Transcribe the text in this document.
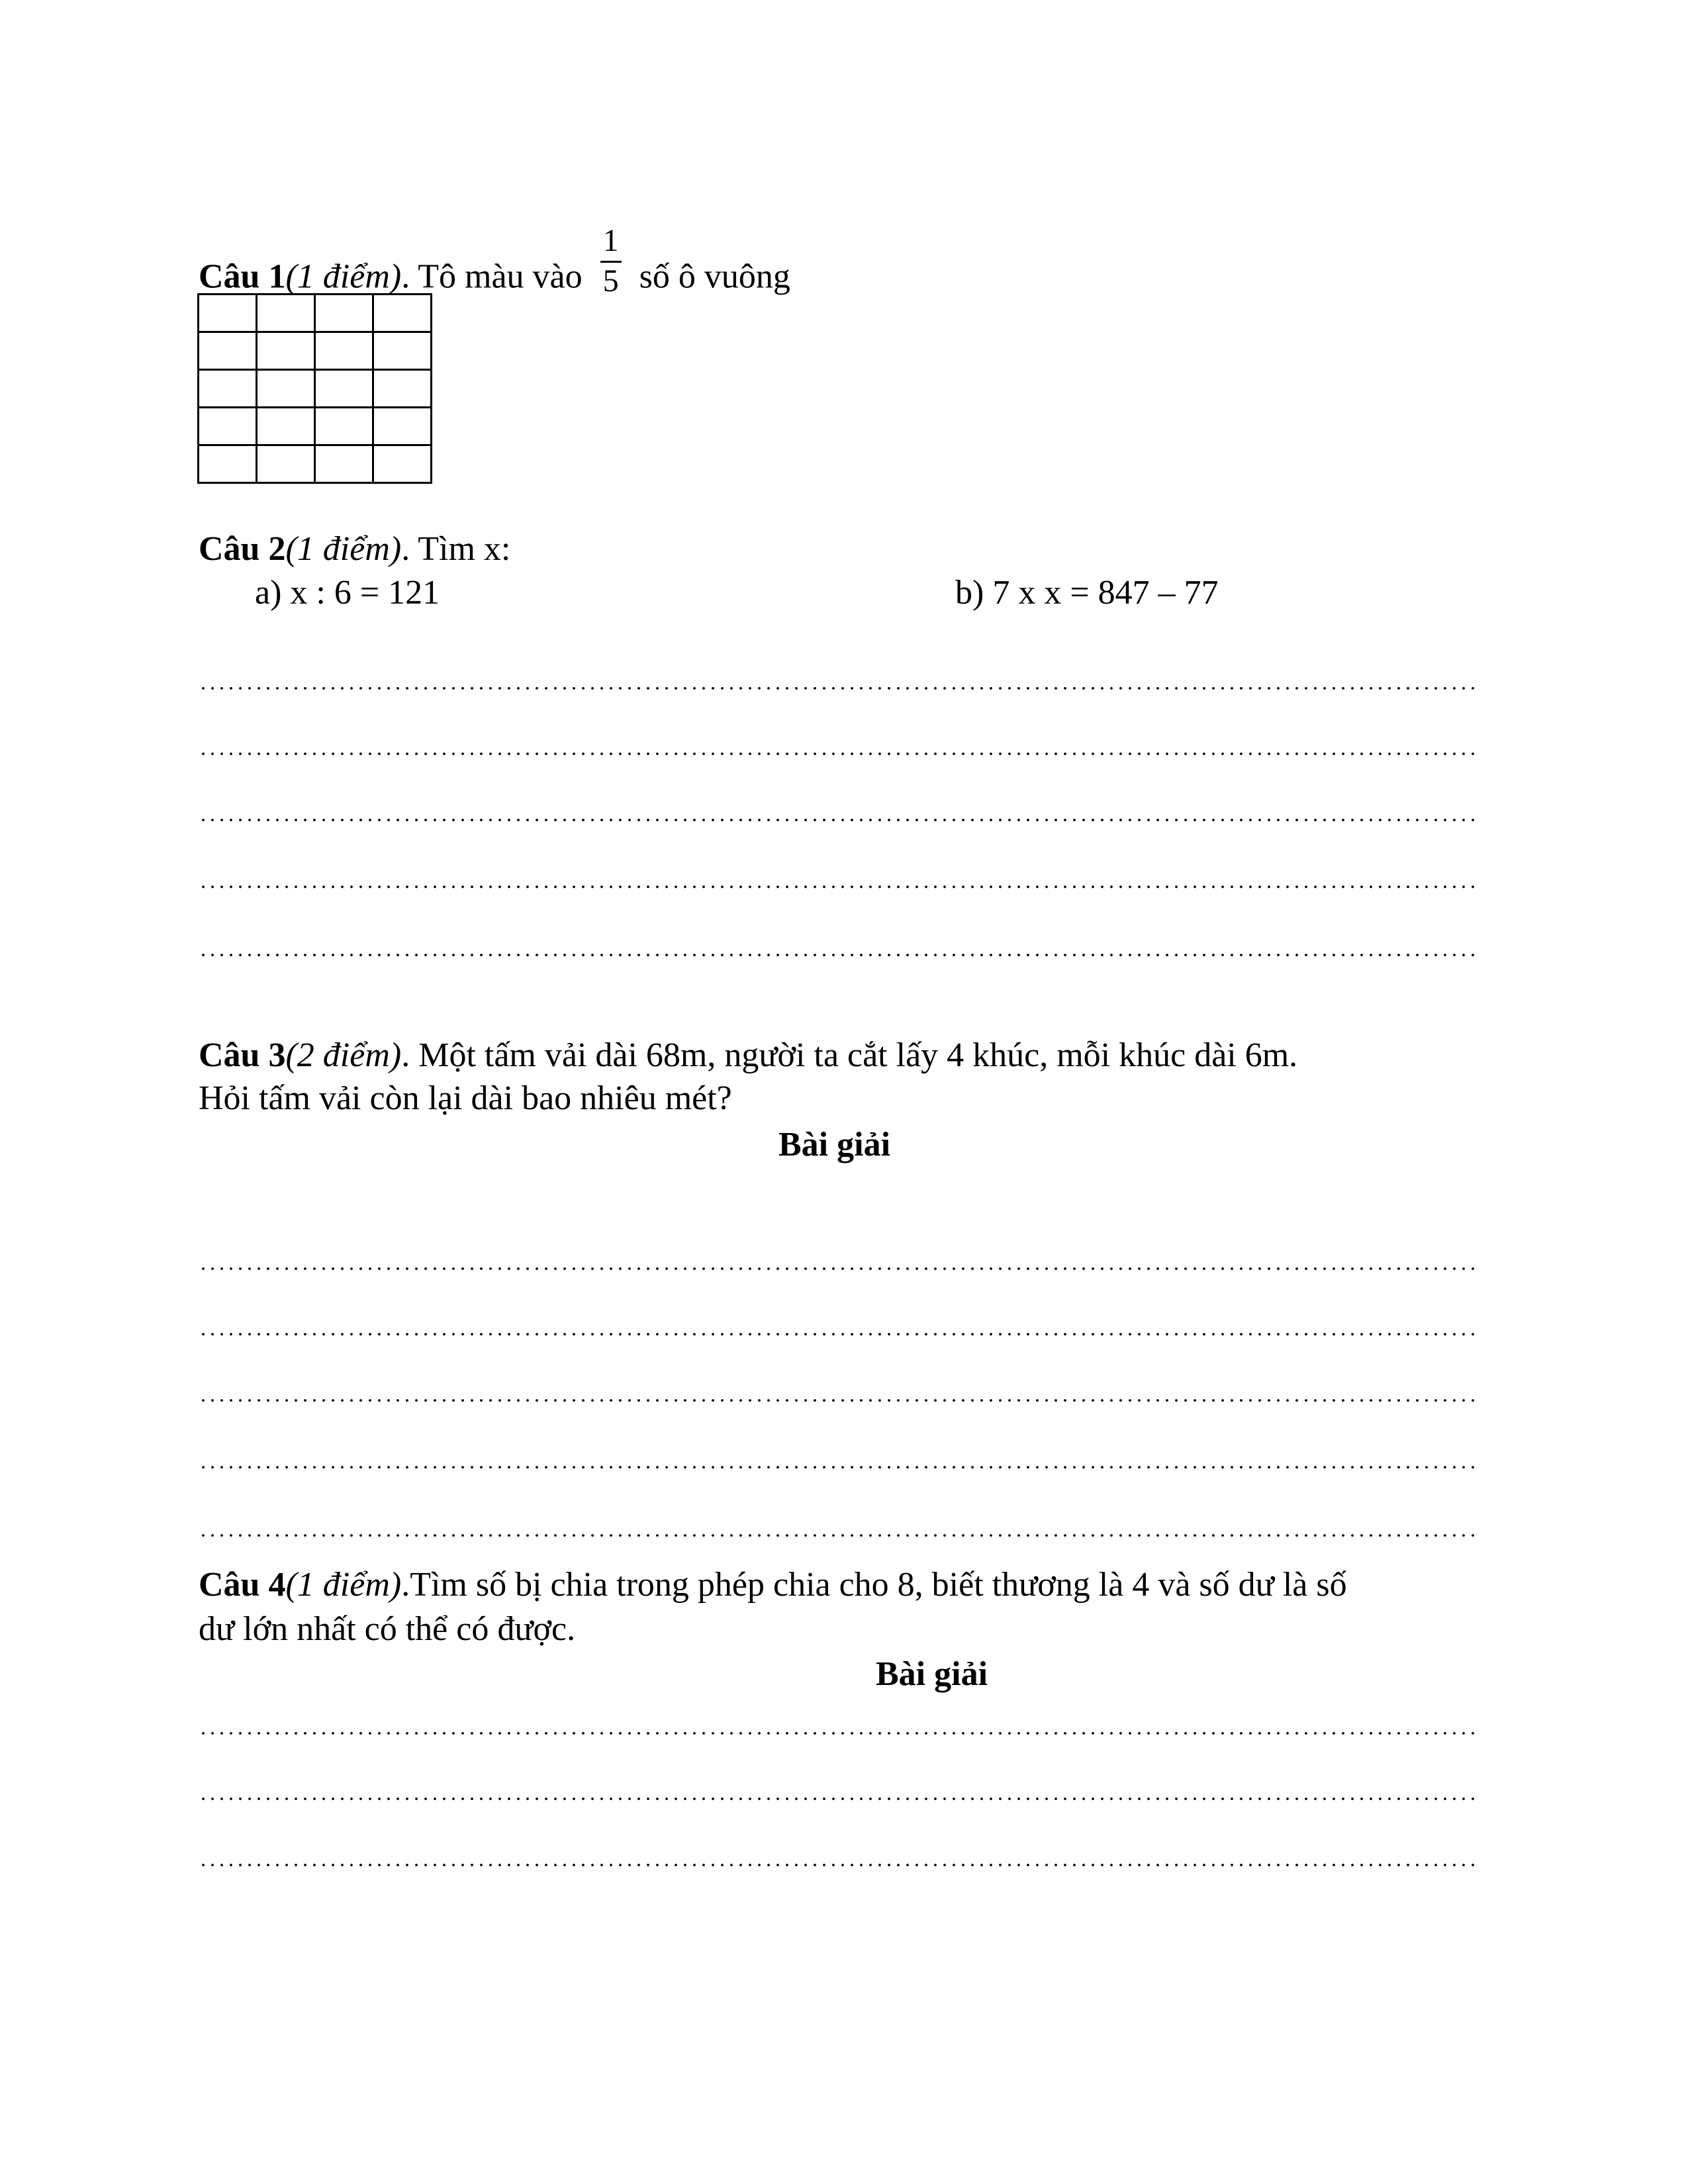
Câu 1(1 điểm). Tô màu vào $\frac{1}{5}$ số ô vuông

Câu 2(1 điểm). Tìm x:
a) x : 6 = 121	b) 7 x x = 847 – 77
Câu 3(2 điểm). Một tấm vải dài 68m, người ta cắt lấy 4 khúc, mỗi khúc dài 6m.
Hỏi tấm vải còn lại dài bao nhiêu mét?
Bài giải
Câu 4(1 điểm).Tìm số bị chia trong phép chia cho 8, biết thương là 4 và số dư là số
dư lớn nhất có thể có được.
Bài giải
